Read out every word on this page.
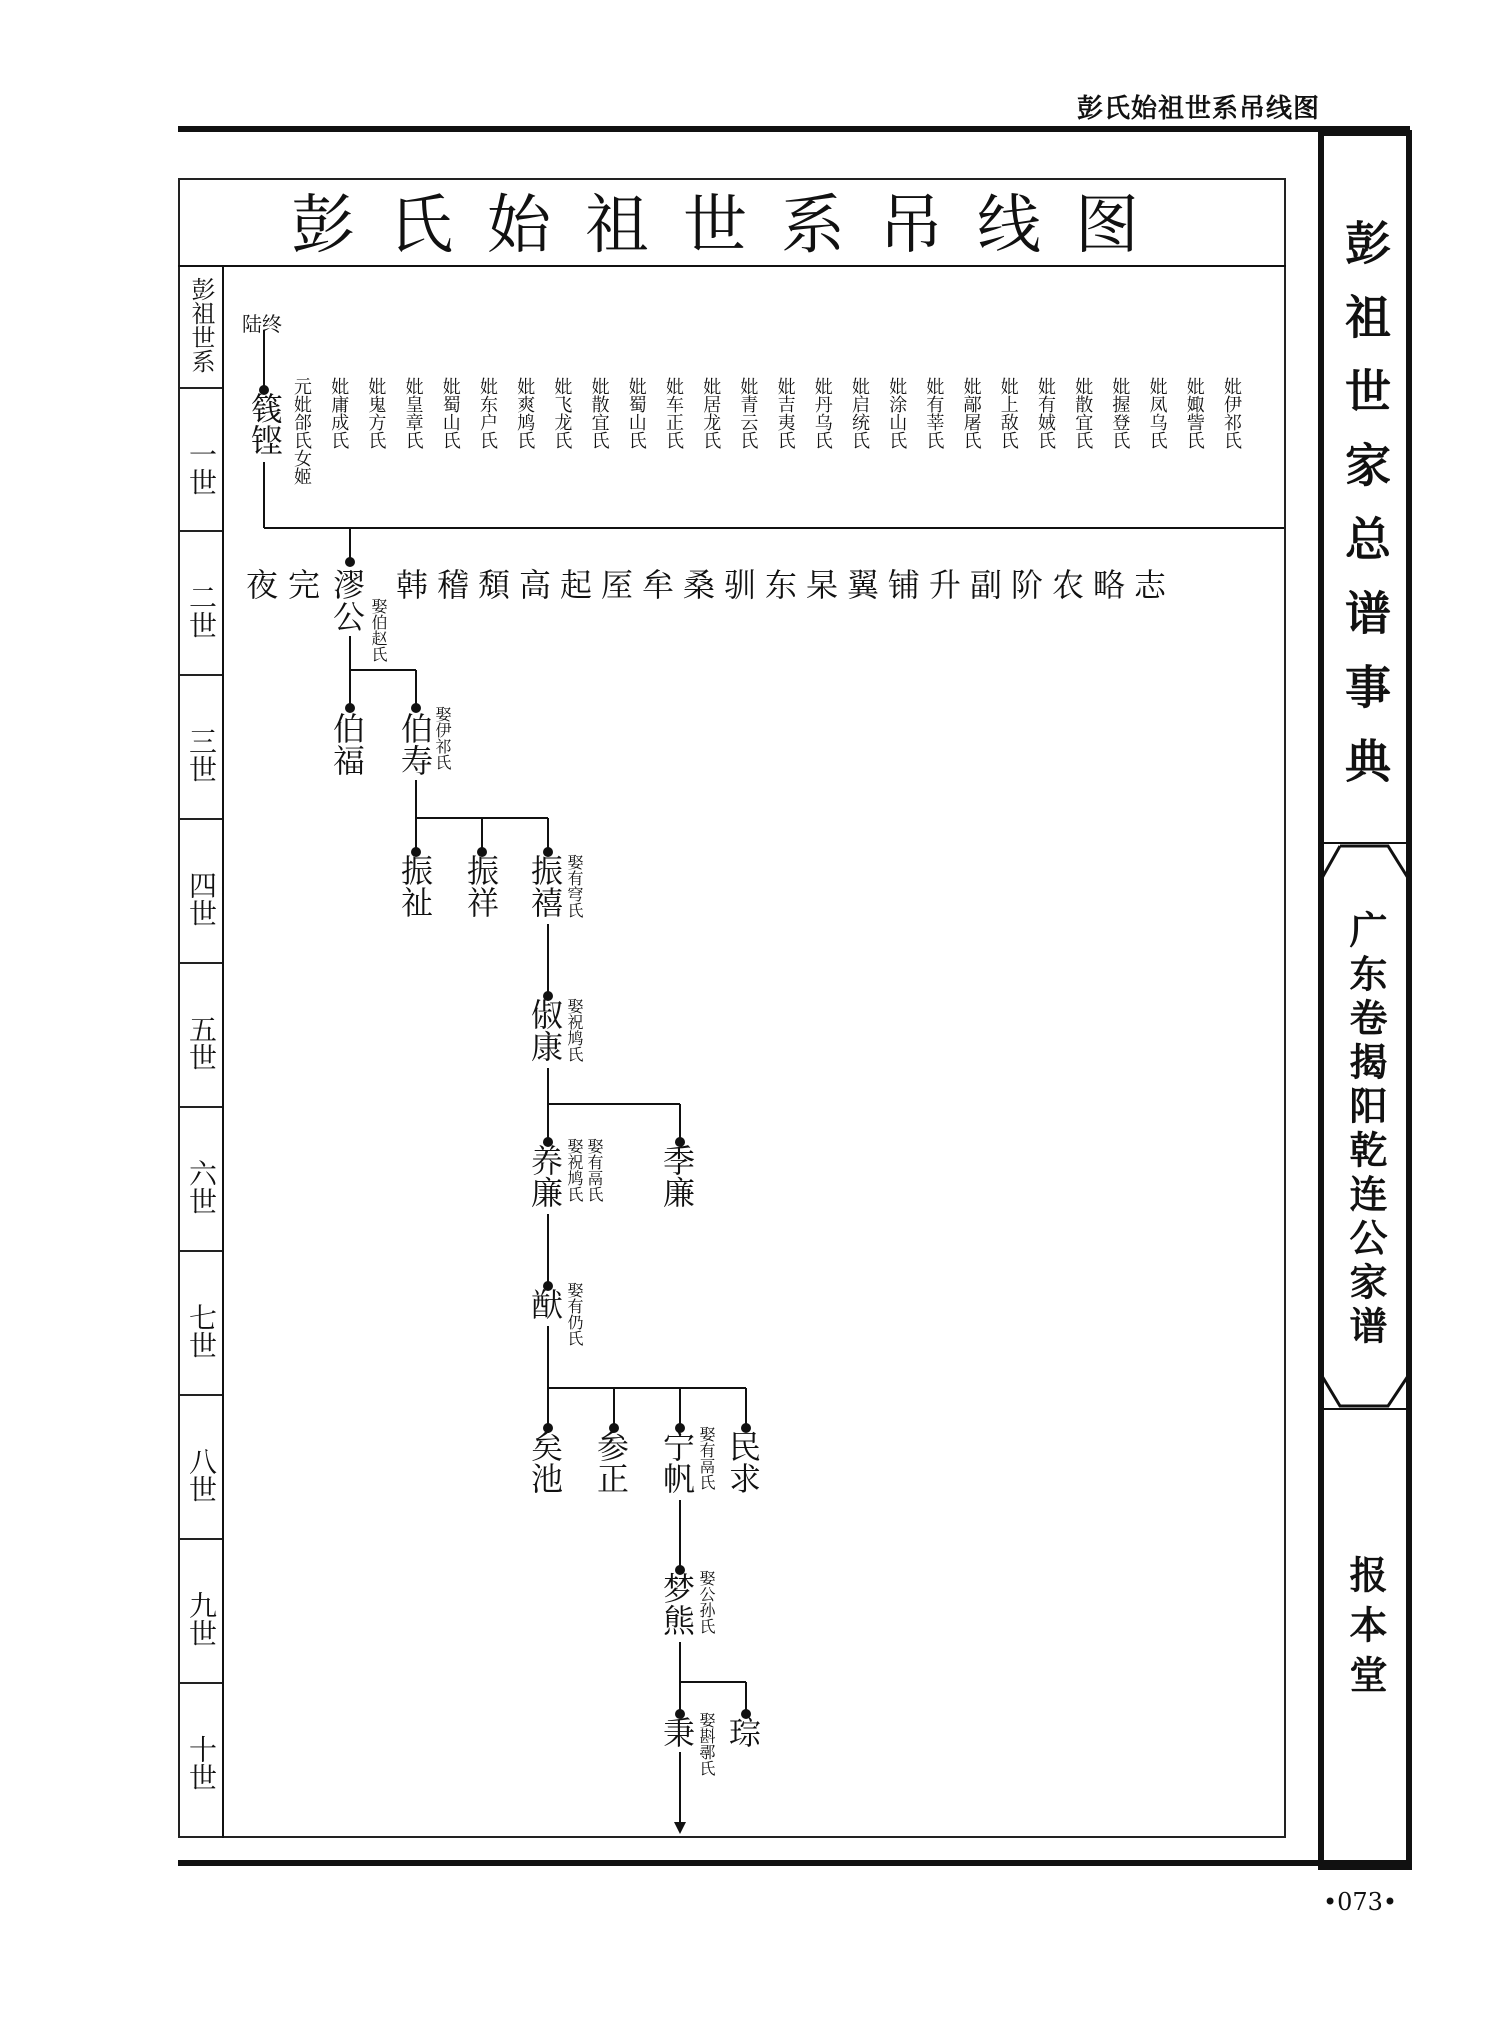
彭氏始祖世系吊线图
彭氏始祖世系吊线图
彭祖世系
一世
二世
三世
四世
五世
六世
七世
八世
九世
十世
陆终
篯铿 元妣郃氏女姬 妣庸成氏 妣鬼方氏 妣皇章氏 妣蜀山氏 妣东户氏 妣爽鸠氏 妣飞龙氏 妣散宜氏 妣蜀山氏 妣车正氏 妣居龙氏 妣青云氏 妣吉夷氏 妣丹乌氏 妣启统氏 妣涂山氏 妣有莘氏 妣鄗屠氏 妣上敌氏 妣有娀氏 妣散宜氏 妣握登氏 妣凤乌氏 妣娵訾氏 妣伊祁氏
夜完
漻公 娶伯赵氏
韩稽頽高起厔牟桑驯东杲翼铺升副阶农略志
伯福 伯寿 娶伊祁氏
振祉 振祥 振禧 娶有穹氏
俶康 娶祝鸠氏
养廉 娶祝鸠氏 娶有鬲氏 季廉
猷 娶有仍氏
矣池 参正 宁帆 娶有鬲氏 民求
梦熊 娶公孙氏
秉 娶斟鄩氏 琮
彭祖世家总谱事典
广东卷揭阳乾连公家谱
报本堂
•073•
